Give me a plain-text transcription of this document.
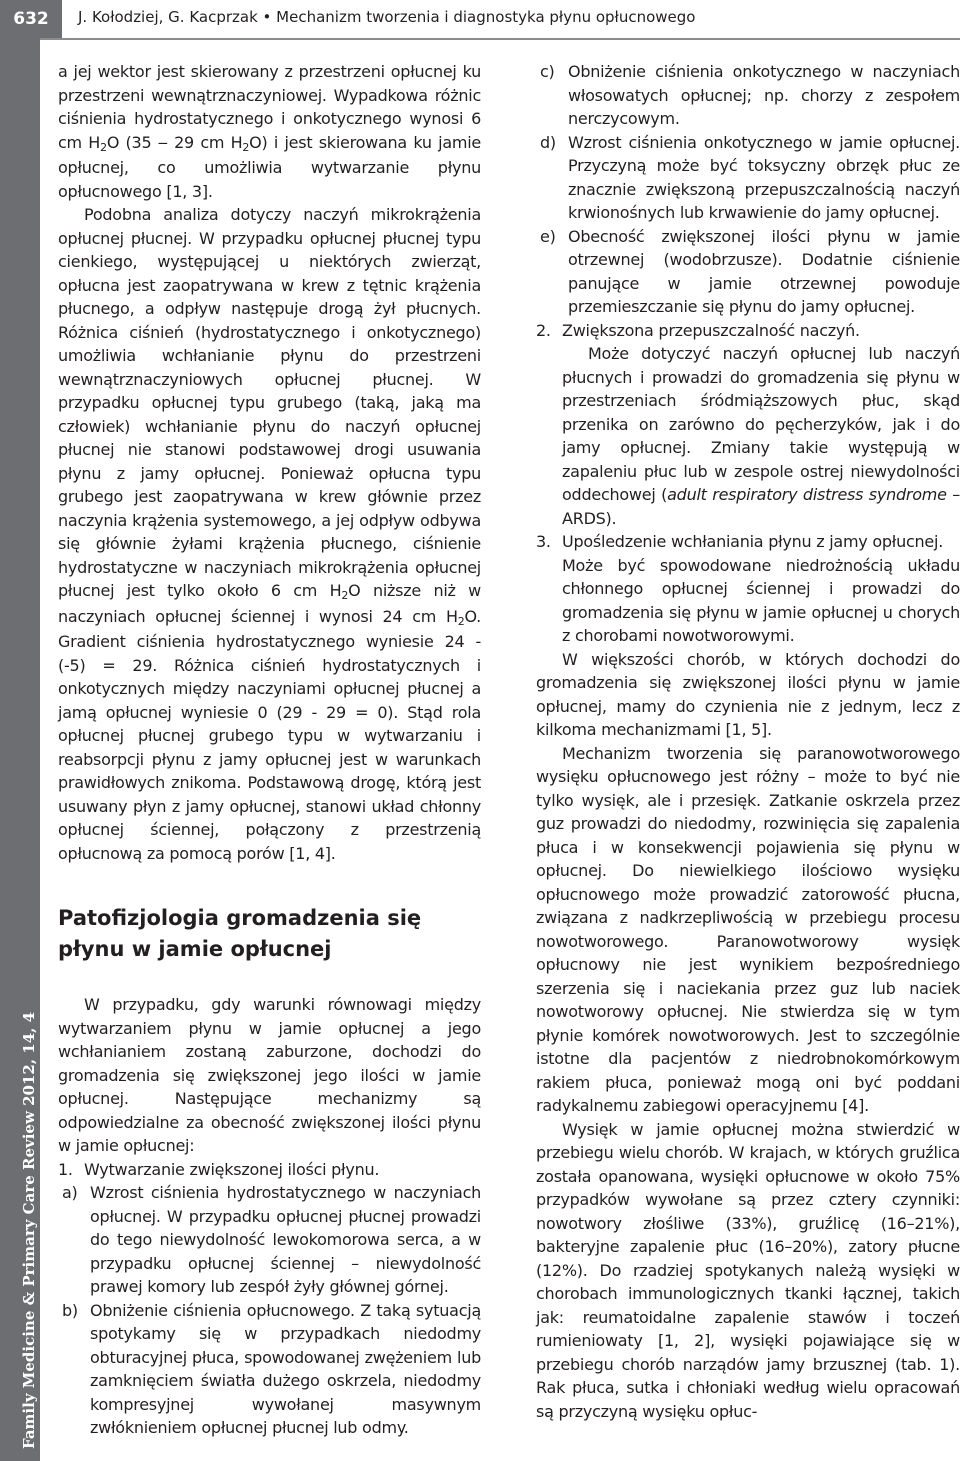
632	J. Kołodziej, G. Kacprzak • Mechanizm tworzenia i diagnostyka płynu opłucnowego
Family Medicine & Primary Care Review 2012, 14, 4

a jej wektor jest skierowany z przestrzeni opłucnej ku przestrzeni wewnątrznaczyniowej. Wypadkowa różnic ciśnienia hydrostatycznego i onkotycznego wynosi 6 cm H2O (35 ‒ 29 cm H2O) i jest skierowana ku jamie opłucnej, co umożliwia wytwarzanie płynu opłucnowego [1, 3].

Podobna analiza dotyczy naczyń mikrokrążenia opłucnej płucnej. W przypadku opłucnej płucnej typu cienkiego, występującej u niektórych zwierząt, opłucna jest zaopatrywana w krew z tętnic krążenia płucnego, a odpływ następuje drogą żył płucnych. Różnica ciśnień (hydrostatycznego i onkotycznego) umożliwia wchłanianie płynu do przestrzeni wewnątrznaczyniowych opłucnej płucnej. W przypadku opłucnej typu grubego (taką, jaką ma człowiek) wchłanianie płynu do naczyń opłucnej płucnej nie stanowi podstawowej drogi usuwania płynu z jamy opłucnej. Ponieważ opłucna typu grubego jest zaopatrywana w krew głównie przez naczynia krążenia systemowego, a jej odpływ odbywa się głównie żyłami krążenia płucnego, ciśnienie hydrostatyczne w naczyniach mikrokrążenia opłucnej płucnej jest tylko około 6 cm H2O niższe niż w naczyniach opłucnej ściennej i wynosi 24 cm H2O. Gradient ciśnienia hydrostatycznego wyniesie 24 - (-5) = 29. Różnica ciśnień hydrostatycznych i onkotycznych między naczyniami opłucnej płucnej a jamą opłucnej wyniesie 0 (29 - 29 = 0). Stąd rola opłucnej płucnej grubego typu w wytwarzaniu i reabsorpcji płynu z jamy opłucnej jest w warunkach prawidłowych znikoma. Podstawową drogę, którą jest usuwany płyn z jamy opłucnej, stanowi układ chłonny opłucnej ściennej, połączony z przestrzenią opłucnową za pomocą porów [1, 4].

Patofizjologia gromadzenia się płynu w jamie opłucnej

W przypadku, gdy warunki równowagi między wytwarzaniem płynu w jamie opłucnej a jego wchłanianiem zostaną zaburzone, dochodzi do gromadzenia się zwiększonej jego ilości w jamie opłucnej. Następujące mechanizmy są odpowiedzialne za obecność zwiększonej ilości płynu w jamie opłucnej:

1. Wytwarzanie zwiększonej ilości płynu.
a) Wzrost ciśnienia hydrostatycznego w naczyniach opłucnej. W przypadku opłucnej płucnej prowadzi do tego niewydolność lewokomorowa serca, a w przypadku opłucnej ściennej – niewydolność prawej komory lub zespół żyły głównej górnej.
b) Obniżenie ciśnienia opłucnowego. Z taką sytuacją spotykamy się w przypadkach niedodmy obturacyjnej płuca, spowodowanej zwężeniem lub zamknięciem światła dużego oskrzela, niedodmy kompresyjnej wywołanej masywnym zwłóknieniem opłucnej płucnej lub odmy.
c) Obniżenie ciśnienia onkotycznego w naczyniach włosowatych opłucnej; np. chorzy z zespołem nerczycowym.
d) Wzrost ciśnienia onkotycznego w jamie opłucnej. Przyczyną może być toksyczny obrzęk płuc ze znacznie zwiększoną przepuszczalnością naczyń krwionośnych lub krwawienie do jamy opłucnej.
e) Obecność zwiększonej ilości płynu w jamie otrzewnej (wodobrzusze). Dodatnie ciśnienie panujące w jamie otrzewnej powoduje przemieszczanie się płynu do jamy opłucnej.
2. Zwiększona przepuszczalność naczyń.

Może dotyczyć naczyń opłucnej lub naczyń płucnych i prowadzi do gromadzenia się płynu w przestrzeniach śródmiąższowych płuc, skąd przenika on zarówno do pęcherzyków, jak i do jamy opłucnej. Zmiany takie występują w zapaleniu płuc lub w zespole ostrej niewydolności oddechowej (adult respiratory distress syndrome – ARDS).

3. Upośledzenie wchłaniania płynu z jamy opłucnej.

Może być spowodowane niedrożnością układu chłonnego opłucnej ściennej i prowadzi do gromadzenia się płynu w jamie opłucnej u chorych z chorobami nowotworowymi.

W większości chorób, w których dochodzi do gromadzenia się zwiększonej ilości płynu w jamie opłucnej, mamy do czynienia nie z jednym, lecz z kilkoma mechanizmami [1, 5].

Mechanizm tworzenia się paranowotworowego wysięku opłucnowego jest różny – może to być nie tylko wysięk, ale i przesięk. Zatkanie oskrzela przez guz prowadzi do niedodmy, rozwinięcia się zapalenia płuca i w konsekwencji pojawienia się płynu w opłucnej. Do niewielkiego ilościowo wysięku opłucnowego może prowadzić zatorowość płucna, związana z nadkrzepliwością w przebiegu procesu nowotworowego. Paranowotworowy wysięk opłucnowy nie jest wynikiem bezpośredniego szerzenia się i naciekania przez guz lub naciek nowotworowy opłucnej. Nie stwierdza się w tym płynie komórek nowotworowych. Jest to szczególnie istotne dla pacjentów z niedrobnokomórkowym rakiem płuca, ponieważ mogą oni być poddani radykalnemu zabiegowi operacyjnemu [4].

Wysięk w jamie opłucnej można stwierdzić w przebiegu wielu chorób. W krajach, w których gruźlica została opanowana, wysięki opłucnowe w około 75% przypadków wywołane są przez cztery czynniki: nowotwory złośliwe (33%), gruźlicę (16–21%), bakteryjne zapalenie płuc (16–20%), zatory płucne (12%). Do rzadziej spotykanych należą wysięki w chorobach immunologicznych tkanki łącznej, takich jak: reumatoidalne zapalenie stawów i toczeń rumieniowaty [1, 2], wysięki pojawiające się w przebiegu chorób narządów jamy brzusznej (tab. 1). Rak płuca, sutka i chłoniaki według wielu opracowań są przyczyną wysięku opłuc-
